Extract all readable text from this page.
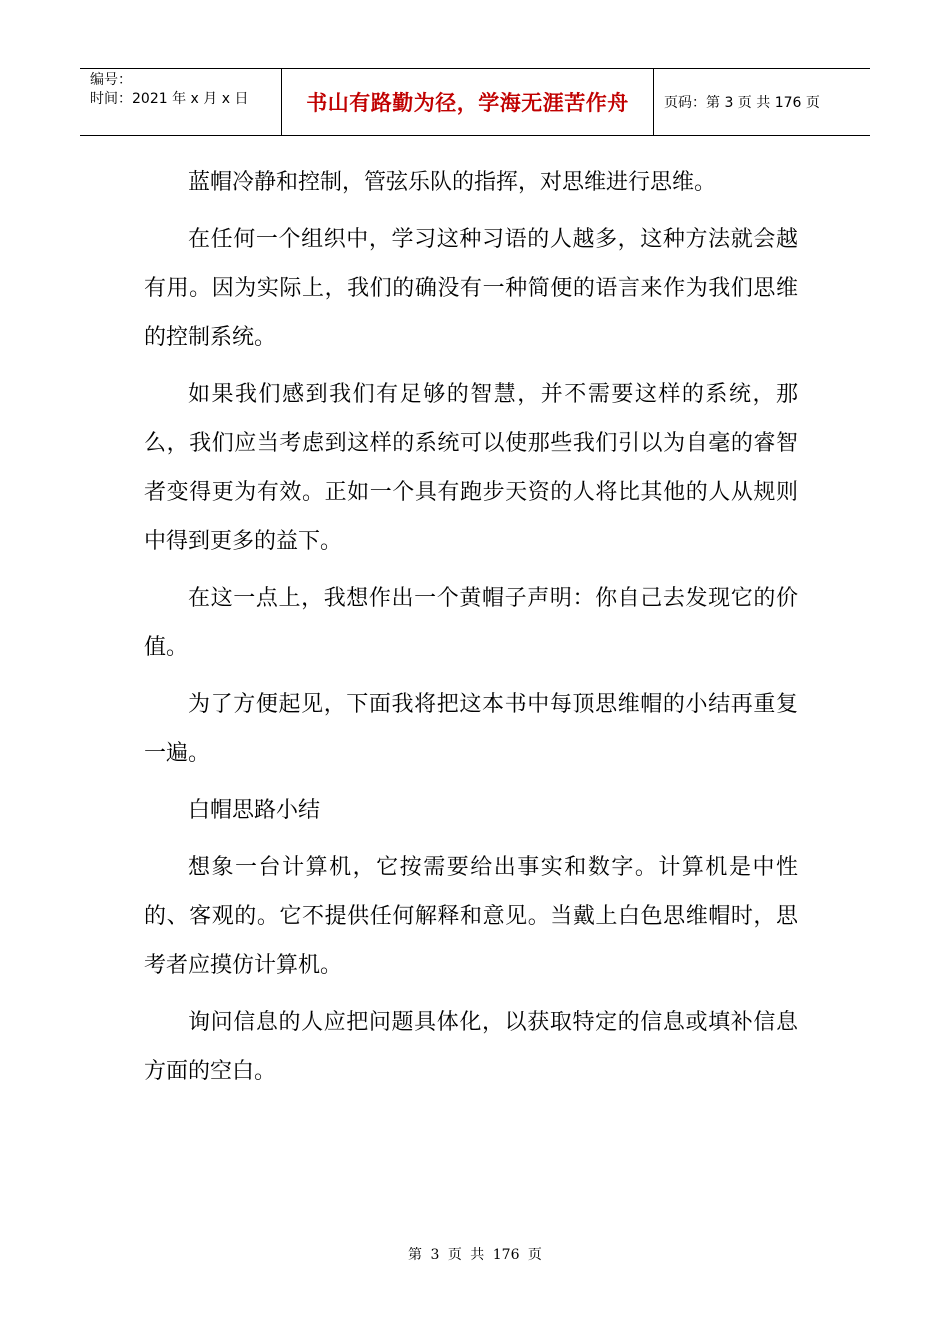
编号：
时间：2021 年 x 月 x 日	书山有路勤为径，学海无涯苦作舟	页码：第 3 页 共 176 页

蓝帽冷静和控制，管弦乐队的指挥，对思维进行思维。

在任何一个组织中，学习这种习语的人越多，这种方法就会越有用。因为实际上，我们的确没有一种简便的语言来作为我们思维的控制系统。

如果我们感到我们有足够的智慧，并不需要这样的系统，那么，我们应当考虑到这样的系统可以使那些我们引以为自毫的睿智者变得更为有效。正如一个具有跑步天资的人将比其他的人从规则中得到更多的益下。

在这一点上，我想作出一个黄帽子声明：你自己去发现它的价值。

为了方便起见，下面我将把这本书中每顶思维帽的小结再重复一遍。

白帽思路小结

想象一台计算机，它按需要给出事实和数字。计算机是中性的、客观的。它不提供任何解释和意见。当戴上白色思维帽时，思考者应摸仿计算机。

询问信息的人应把问题具体化，以获取特定的信息或填补信息方面的空白。

第 3 页 共 176 页
